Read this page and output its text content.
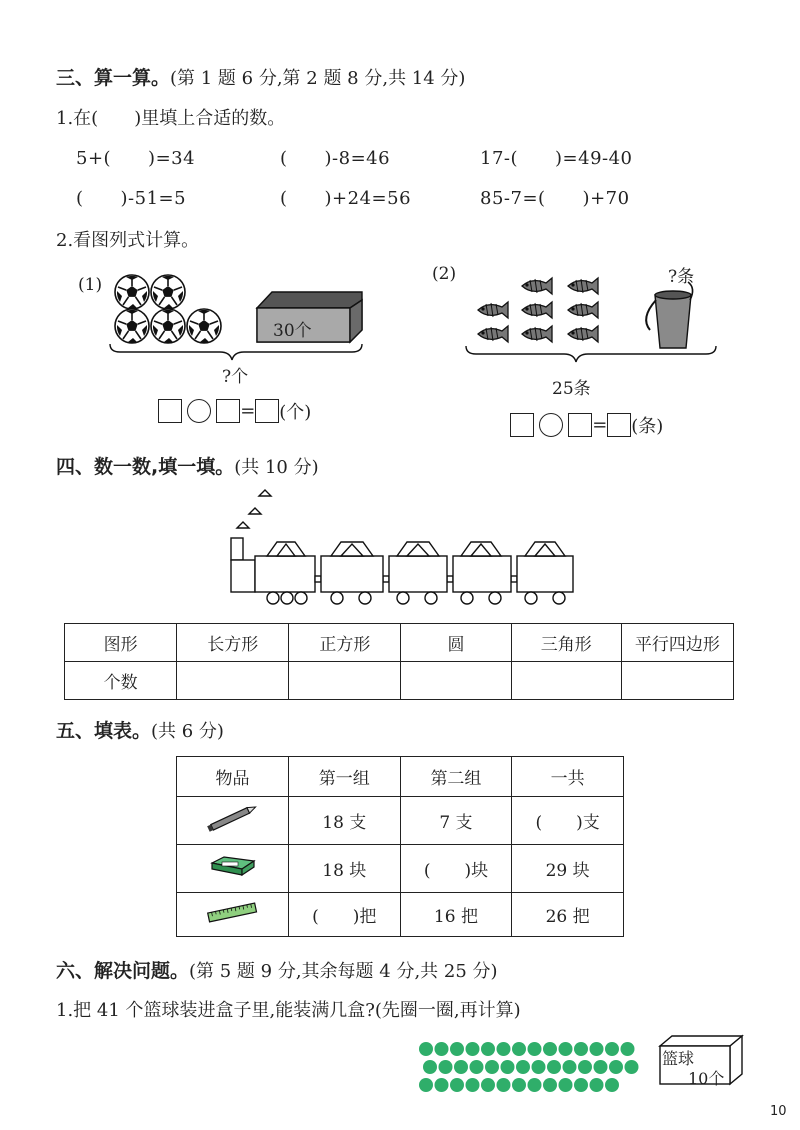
三、算一算。(第 1 题 6 分,第 2 题 8 分,共 14 分)
1.在(　　)里填上合适的数。
5+(　　)=34	(　　)-8=46	17-(　　)=49-40
(　　)-51=5	(　　)+24=56	85-7=(　　)+70
2.看图列式计算。
(1)
30个
?个
= (个)
(2)	?条
25条
= (条)
四、数一数,填一填。(共 10 分)
图形	长方形	正方形	圆	三角形	平行四边形
个数					
五、填表。(共 6 分)
物品	第一组	第二组	一共
	18 支	7 支	(　　)支
	18 块	(　　)块	29 块
	(　　)把	16 把	26 把
六、解决问题。(第 5 题 9 分,其余每题 4 分,共 25 分)
1.把 41 个篮球装进盒子里,能装满几盒?(先圈一圈,再计算)
篮球
10个
10
